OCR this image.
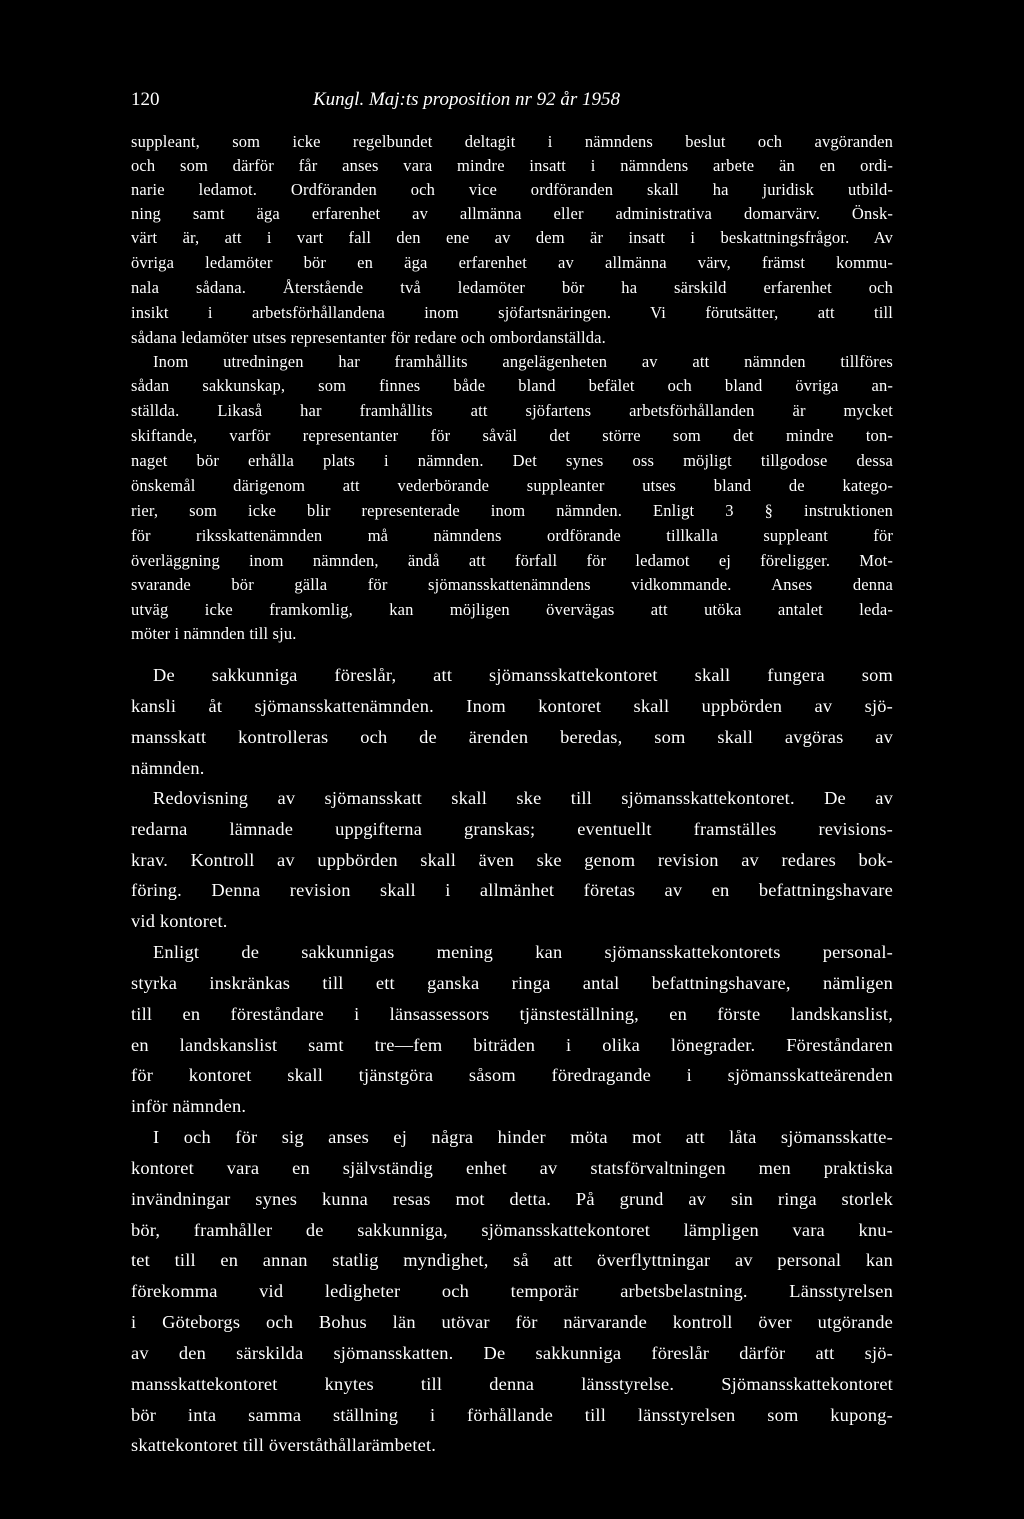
120	Kungl. Maj:ts proposition nr 92 år 1958
suppleant, som icke regelbundet deltagit i nämndens beslut och avgöranden
och som därför får anses vara mindre insatt i nämndens arbete än en ordi-
narie ledamot. Ordföranden och vice ordföranden skall ha juridisk utbild-
ning samt äga erfarenhet av allmänna eller administrativa domarvärv. Önsk-
värt är, att i vart fall den ene av dem är insatt i beskattningsfrågor. Av
övriga ledamöter bör en äga erfarenhet av allmänna värv, främst kommu-
nala sådana. Återstående två ledamöter bör ha särskild erfarenhet och
insikt i arbetsförhållandena inom sjöfartsnäringen. Vi förutsätter, att till
sådana ledamöter utses representanter för redare och ombordanställda.
Inom utredningen har framhållits angelägenheten av att nämnden tillföres
sådan sakkunskap, som finnes både bland befälet och bland övriga an-
ställda. Likaså har framhållits att sjöfartens arbetsförhållanden är mycket
skiftande, varför representanter för såväl det större som det mindre ton-
naget bör erhålla plats i nämnden. Det synes oss möjligt tillgodose dessa
önskemål därigenom att vederbörande suppleanter utses bland de katego-
rier, som icke blir representerade inom nämnden. Enligt 3 § instruktionen
för riksskattenämnden må nämndens ordförande tillkalla suppleant för
överläggning inom nämnden, ändå att förfall för ledamot ej föreligger. Mot-
svarande bör gälla för sjömansskattenämndens vidkommande. Anses denna
utväg icke framkomlig, kan möjligen övervägas att utöka antalet leda-
möter i nämnden till sju.
De sakkunniga föreslår, att sjömansskattekontoret skall fungera som
kansli åt sjömansskattenämnden. Inom kontoret skall uppbörden av sjö-
mansskatt kontrolleras och de ärenden beredas, som skall avgöras av
nämnden.
Redovisning av sjömansskatt skall ske till sjömansskattekontoret. De av
redarna lämnade uppgifterna granskas; eventuellt framställes revisions-
krav. Kontroll av uppbörden skall även ske genom revision av redares bok-
föring. Denna revision skall i allmänhet företas av en befattningshavare
vid kontoret.
Enligt de sakkunnigas mening kan sjömansskattekontorets personal-
styrka inskränkas till ett ganska ringa antal befattningshavare, nämligen
till en föreståndare i länsassessors tjänsteställning, en förste landskanslist,
en landskanslist samt tre—fem biträden i olika lönegrader. Föreståndaren
för kontoret skall tjänstgöra såsom föredragande i sjömansskatteärenden
inför nämnden.
I och för sig anses ej några hinder möta mot att låta sjömansskatte-
kontoret vara en självständig enhet av statsförvaltningen men praktiska
invändningar synes kunna resas mot detta. På grund av sin ringa storlek
bör, framhåller de sakkunniga, sjömansskattekontoret lämpligen vara knu-
tet till en annan statlig myndighet, så att överflyttningar av personal kan
förekomma vid ledigheter och temporär arbetsbelastning. Länsstyrelsen
i Göteborgs och Bohus län utövar för närvarande kontroll över utgörande
av den särskilda sjömansskatten. De sakkunniga föreslår därför att sjö-
mansskattekontoret knytes till denna länsstyrelse. Sjömansskattekontoret
bör inta samma ställning i förhållande till länsstyrelsen som kupong-
skattekontoret till överståthållarämbetet.
